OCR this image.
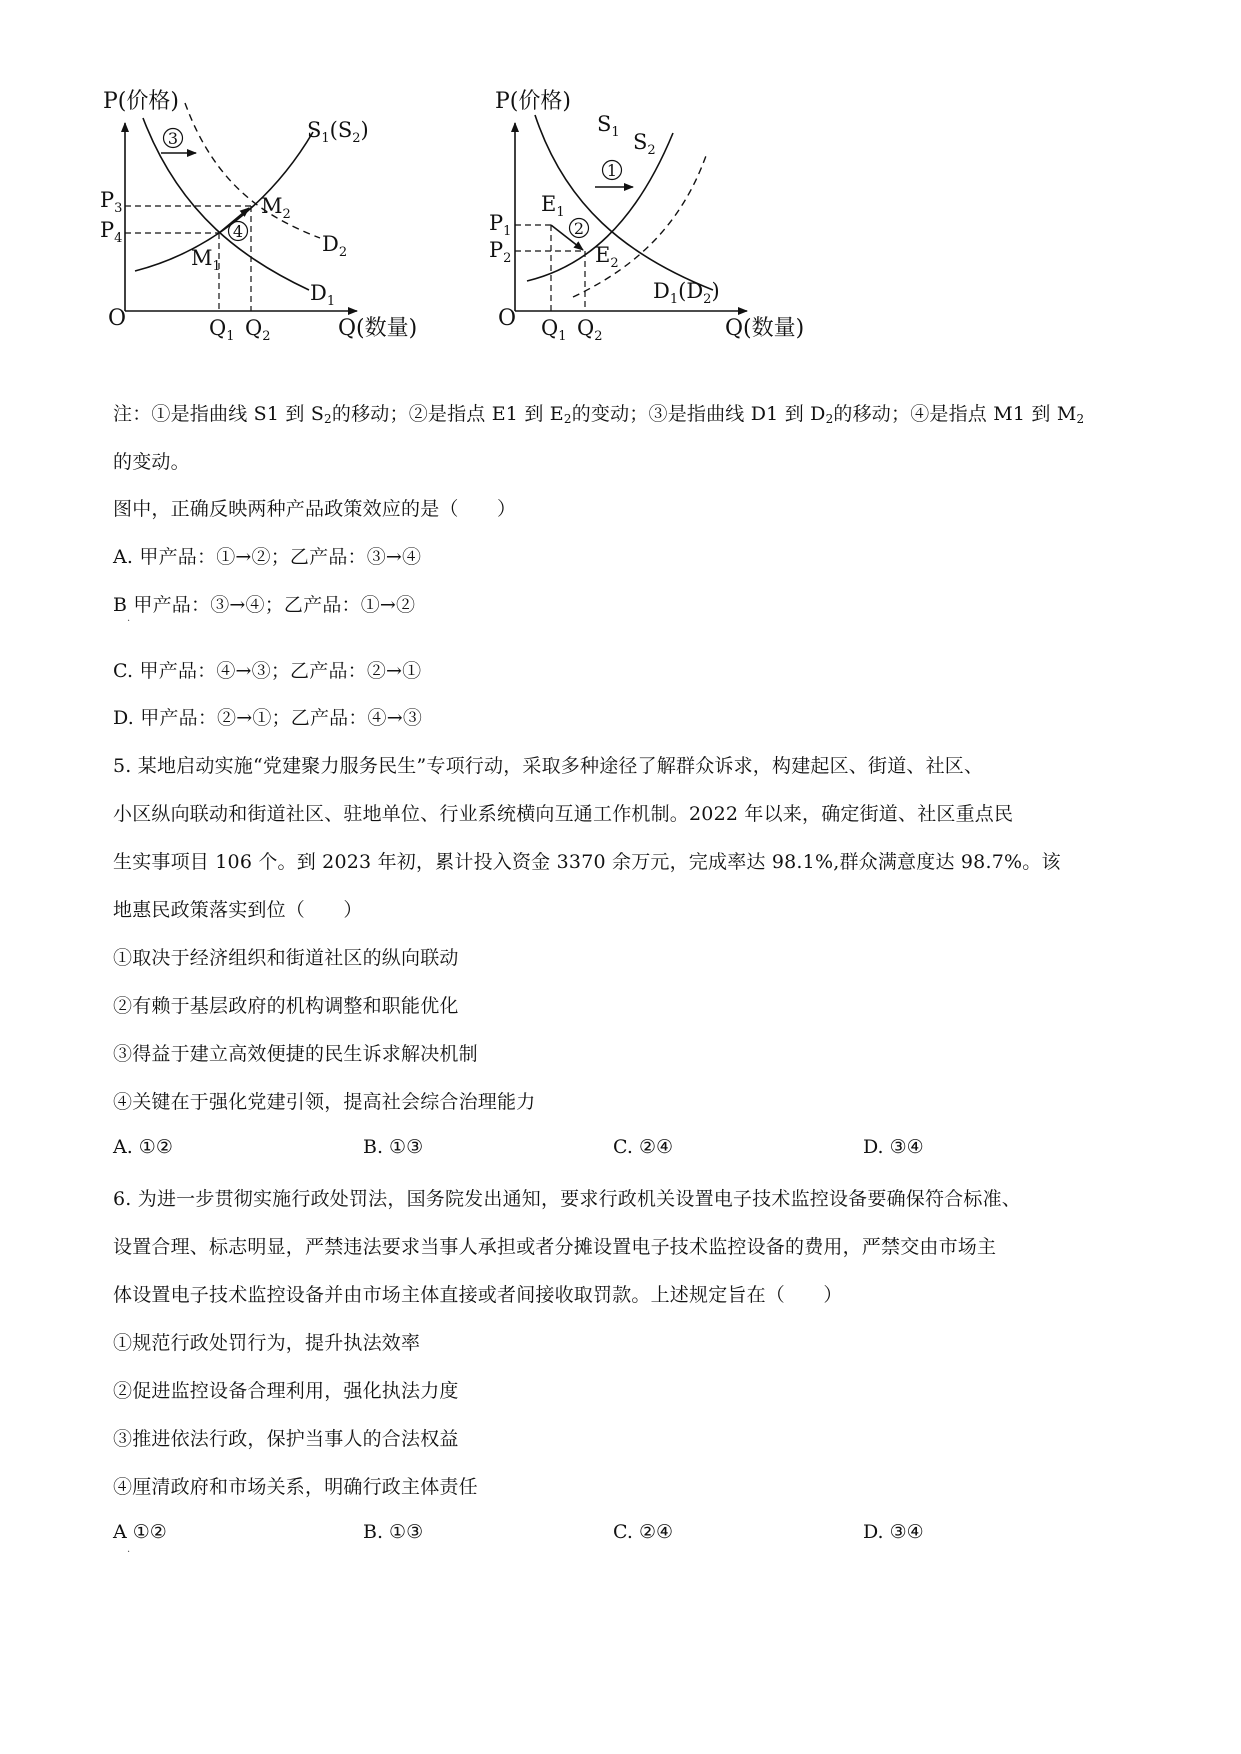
P(价格)
Q(数量)
O
3
4
$S_1(S_2)$
$D_2$
$D_1$
$M_2$
$M_1$
$P_3$
$P_4$
$Q_1$ $Q_2$
P(价格)
Q(数量)
O
1
2
$S_1$ $S_2$
$E_1$
$E_2$
$D_1(D_2)$
$P_1$
$P_2$
$Q_1$ $Q_2$
注：①是指曲线 S1 到 $S_2$的移动；②是指点 E1 到 $E_2$的变动；③是指曲线 D1 到 $D_2$的移动；④是指点 M1 到 $M_2$
的变动。
图中，正确反映两种产品政策效应的是（　　）
A. 甲产品：①→②；乙产品：③→④
B 甲产品：③→④；乙产品：①→②
·
C. 甲产品：④→③；乙产品：②→①
D. 甲产品：②→①；乙产品：④→③
5. 某地启动实施“党建聚力服务民生”专项行动，采取多种途径了解群众诉求，构建起区、街道、社区、
小区纵向联动和街道社区、驻地单位、行业系统横向互通工作机制。2022 年以来，确定街道、社区重点民
生实事项目 106 个。到 2023 年初，累计投入资金 3370 余万元，完成率达 98.1%,群众满意度达 98.7%。该
地惠民政策落实到位（　　）
①取决于经济组织和街道社区的纵向联动
②有赖于基层政府的机构调整和职能优化
③得益于建立高效便捷的民生诉求解决机制
④关键在于强化党建引领，提高社会综合治理能力
A. ①②	B. ①③	C. ②④	D. ③④
6. 为进一步贯彻实施行政处罚法，国务院发出通知，要求行政机关设置电子技术监控设备要确保符合标准、
设置合理、标志明显，严禁违法要求当事人承担或者分摊设置电子技术监控设备的费用，严禁交由市场主
体设置电子技术监控设备并由市场主体直接或者间接收取罚款。上述规定旨在（　　）
①规范行政处罚行为，提升执法效率
②促进监控设备合理利用，强化执法力度
③推进依法行政，保护当事人的合法权益
④厘清政府和市场关系，明确行政主体责任
A ①②	B. ①③	C. ②④	D. ③④
·
